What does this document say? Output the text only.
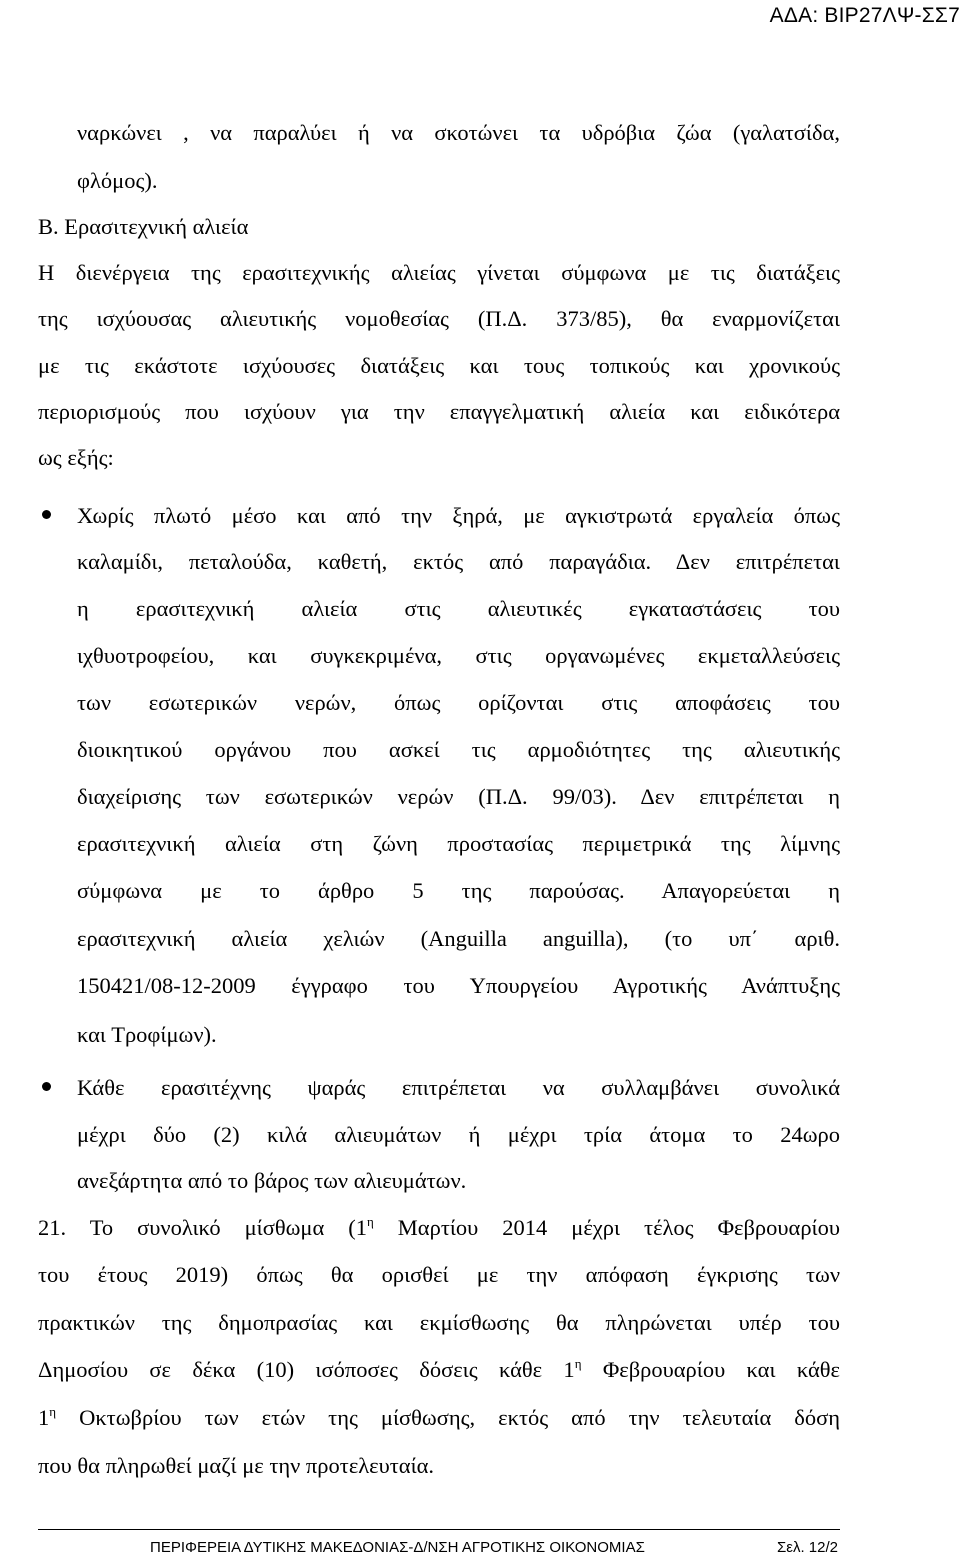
ΑΔΑ: ΒΙΡ27ΛΨ-ΣΣ7
ναρκώνει , να παραλύει ή να σκοτώνει τα υδρόβια ζώα (γαλατσίδα,
φλόμος).
Β. Ερασιτεχνική αλιεία
Η διενέργεια της ερασιτεχνικής αλιείας γίνεται σύμφωνα με τις διατάξεις
της ισχύουσας αλιευτικής νομοθεσίας (Π.Δ. 373/85), θα εναρμονίζεται
με τις εκάστοτε ισχύουσες διατάξεις και τους τοπικούς και χρονικούς
περιορισμούς που ισχύουν για την επαγγελματική αλιεία και ειδικότερα
ως εξής:
Χωρίς πλωτό μέσο και από την ξηρά, με αγκιστρωτά εργαλεία όπως
καλαμίδι, πεταλούδα, καθετή, εκτός από παραγάδια. Δεν επιτρέπεται
η ερασιτεχνική αλιεία στις αλιευτικές εγκαταστάσεις του
ιχθυοτροφείου, και συγκεκριμένα, στις οργανωμένες εκμεταλλεύσεις
των εσωτερικών νερών, όπως ορίζονται στις αποφάσεις του
διοικητικού οργάνου που ασκεί τις αρμοδιότητες της αλιευτικής
διαχείρισης των εσωτερικών νερών (Π.Δ. 99/03). Δεν επιτρέπεται η
ερασιτεχνική αλιεία στη ζώνη προστασίας περιμετρικά της λίμνης
σύμφωνα με το άρθρο 5 της παρούσας. Απαγορεύεται η
ερασιτεχνική αλιεία χελιών (Anguilla anguilla), (το υπ΄ αριθ.
150421/08-12-2009 έγγραφο του Υπουργείου Αγροτικής Ανάπτυξης
και Τροφίμων).
Κάθε ερασιτέχνης ψαράς επιτρέπεται να συλλαμβάνει συνολικά
μέχρι δύο (2) κιλά αλιευμάτων ή μέχρι τρία άτομα το 24ωρο
ανεξάρτητα από το βάρος των αλιευμάτων.
21. Το συνολικό μίσθωμα ($1^\eta$ Μαρτίου 2014 μέχρι τέλος Φεβρουαρίου
του έτους 2019) όπως θα ορισθεί με την απόφαση έγκρισης των
πρακτικών της δημοπρασίας και εκμίσθωσης θα πληρώνεται υπέρ του
Δημοσίου σε δέκα (10) ισόποσες δόσεις κάθε $1^\eta$ Φεβρουαρίου και κάθε
$1^\eta$ Οκτωβρίου των ετών της μίσθωσης, εκτός από την τελευταία δόση
που θα πληρωθεί μαζί με την προτελευταία.
ΠΕΡΙΦΕΡΕΙΑ ΔΥΤΙΚΗΣ ΜΑΚΕΔΟΝΙΑΣ-Δ/ΝΣΗ ΑΓΡΟΤΙΚΗΣ ΟΙΚΟΝΟΜΙΑΣ	Σελ. 12/2
